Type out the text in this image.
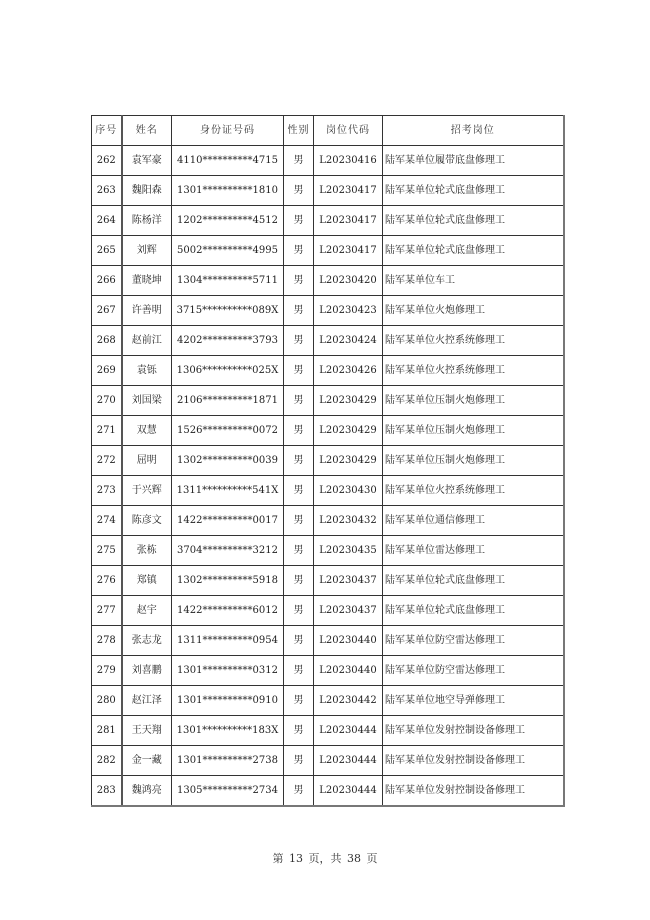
序号	姓名	身份证号码	性别	岗位代码	招考岗位
262	袁军豪	4110**********4715	男	L20230416	陆军某单位履带底盘修理工
263	魏阳森	1301**********1810	男	L20230417	陆军某单位轮式底盘修理工
264	陈杨洋	1202**********4512	男	L20230417	陆军某单位轮式底盘修理工
265	刘辉	5002**********4995	男	L20230417	陆军某单位轮式底盘修理工
266	董晓坤	1304**********5711	男	L20230420	陆军某单位车工
267	许善明	3715**********089X	男	L20230423	陆军某单位火炮修理工
268	赵前江	4202**********3793	男	L20230424	陆军某单位火控系统修理工
269	袁铄	1306**********025X	男	L20230426	陆军某单位火控系统修理工
270	刘国梁	2106**********1871	男	L20230429	陆军某单位压制火炮修理工
271	双慧	1526**********0072	男	L20230429	陆军某单位压制火炮修理工
272	屈明	1302**********0039	男	L20230429	陆军某单位压制火炮修理工
273	于兴辉	1311**********541X	男	L20230430	陆军某单位火控系统修理工
274	陈彦文	1422**********0017	男	L20230432	陆军某单位通信修理工
275	张栋	3704**********3212	男	L20230435	陆军某单位雷达修理工
276	郑镇	1302**********5918	男	L20230437	陆军某单位轮式底盘修理工
277	赵宇	1422**********6012	男	L20230437	陆军某单位轮式底盘修理工
278	张志龙	1311**********0954	男	L20230440	陆军某单位防空雷达修理工
279	刘喜鹏	1301**********0312	男	L20230440	陆军某单位防空雷达修理工
280	赵江泽	1301**********0910	男	L20230442	陆军某单位地空导弹修理工
281	王天翔	1301**********183X	男	L20230444	陆军某单位发射控制设备修理工
282	金一藏	1301**********2738	男	L20230444	陆军某单位发射控制设备修理工
283	魏鸿亮	1305**********2734	男	L20230444	陆军某单位发射控制设备修理工
第 13 页，共 38 页
